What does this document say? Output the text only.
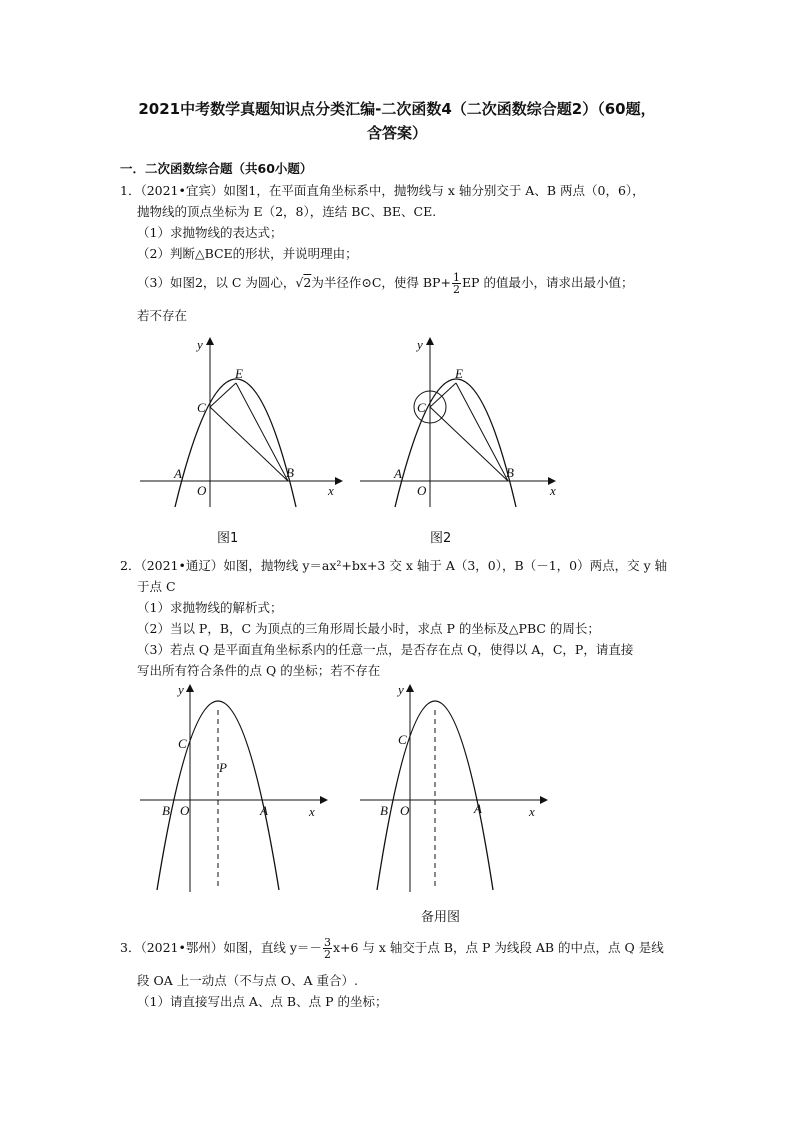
2021中考数学真题知识点分类汇编-二次函数4（二次函数综合题2）（60题，
含答案）
一．二次函数综合题（共60小题）
1．（2021•宜宾）如图1，在平面直角坐标系中，抛物线与 x 轴分别交于 A、B 两点（0，6），
抛物线的顶点坐标为 E（2，8），连结 BC、BE、CE.
（1）求抛物线的表达式；
（2）判断△BCE的形状，并说明理由；
（3）如图2，以 C 为圆心，√2为半径作⊙C，使得 $BP+ \frac{1}{2}$ EP 的值最小，请求出最小值；
若不存在
y
x
O
A	B
C
E
图1
y
x
O
A	B
C
E
图2
2．（2021•通辽）如图，抛物线 y＝ax²+bx+3 交 x 轴于 A（3，0），B（－1，0）两点，交 y 轴
于点 C
（1）求抛物线的解析式；
（2）当以 P，B，C 为顶点的三角形周长最小时，求点 P 的坐标及△PBC 的周长；
（3）若点 Q 是平面直角坐标系内的任意一点，是否存在点 Q，使得以 A，C，P，请直接
写出所有符合条件的点 Q 的坐标；若不存在
y
x
O
B	A
C
P
y
x
O
B	A
C
备用图
3．（2021•鄂州）如图，直线 $y=- \frac{3}{2} x+6$ 与 x 轴交于点 B，点 P 为线段 AB 的中点，点 Q 是线
段 OA 上一动点（不与点 O、A 重合）.
（1）请直接写出点 A、点 B、点 P 的坐标；
